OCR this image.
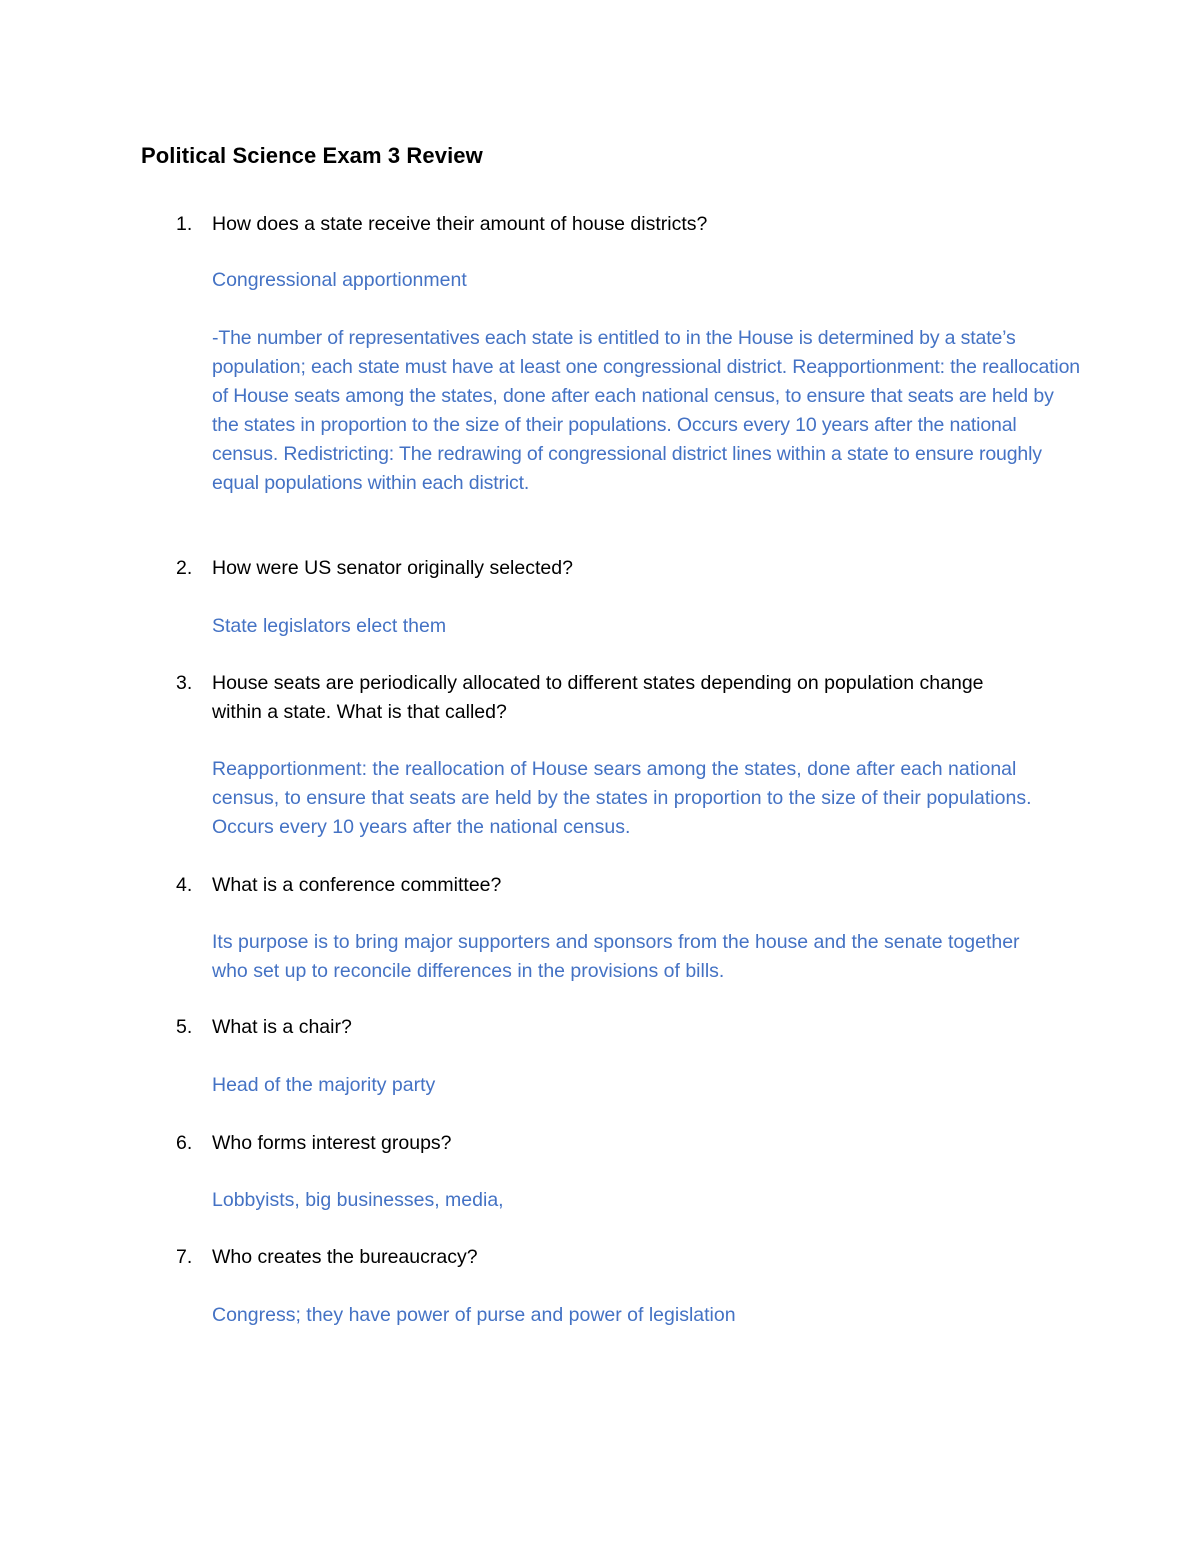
Political Science Exam 3 Review
1. How does a state receive their amount of house districts?

Congressional apportionment

-The number of representatives each state is entitled to in the House is determined by a state’s population; each state must have at least one congressional district. Reapportionment: the reallocation of House seats among the states, done after each national census, to ensure that seats are held by the states in proportion to the size of their populations. Occurs every 10 years after the national census. Redistricting: The redrawing of congressional district lines within a state to ensure roughly equal populations within each district.

2. How were US senator originally selected?

State legislators elect them

3. House seats are periodically allocated to different states depending on population change within a state. What is that called?

Reapportionment: the reallocation of House sears among the states, done after each national census, to ensure that seats are held by the states in proportion to the size of their populations. Occurs every 10 years after the national census.

4. What is a conference committee?

Its purpose is to bring major supporters and sponsors from the house and the senate together who set up to reconcile differences in the provisions of bills.

5. What is a chair?

Head of the majority party

6. Who forms interest groups?

Lobbyists, big businesses, media,

7. Who creates the bureaucracy?

Congress; they have power of purse and power of legislation
